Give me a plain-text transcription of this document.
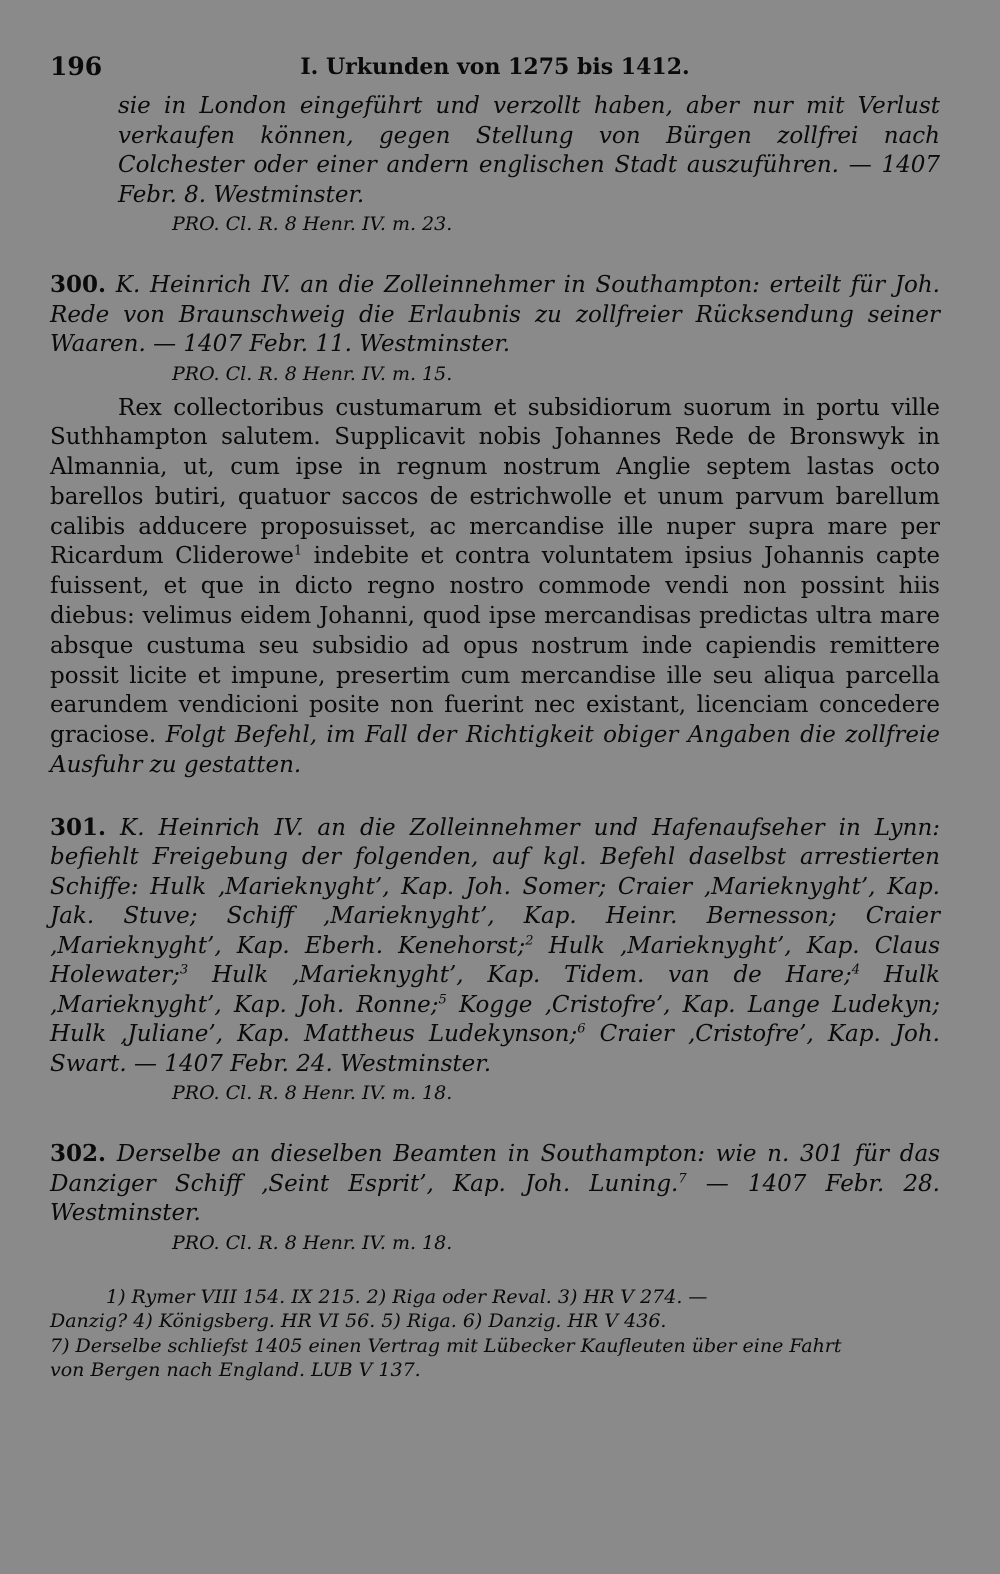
196	I. Urkunden von 1275 bis 1412.
sie in London eingeführt und verzollt haben, aber nur mit Verlust verkaufen können, gegen Stellung von Bürgen zollfrei nach Colchester oder einer andern englischen Stadt auszuführen. — 1407 Febr. 8. Westminster.
PRO. Cl. R. 8 Henr. IV. m. 23.
300. K. Heinrich IV. an die Zolleinnehmer in Southampton: erteilt für Joh. Rede von Braunschweig die Erlaubnis zu zollfreier Rücksendung seiner Waaren. — 1407 Febr. 11. Westminster.
PRO. Cl. R. 8 Henr. IV. m. 15.
Rex collectoribus custumarum et subsidiorum suorum in portu ville Suthhampton salutem. Supplicavit nobis Johannes Rede de Bronswyk in Almannia, ut, cum ipse in regnum nostrum Anglie septem lastas octo barellos butiri, quatuor saccos de estrichwolle et unum parvum barellum calibis adducere proposuisset, ac mercandise ille nuper supra mare per Ricardum Cliderowe$^1$ indebite et contra voluntatem ipsius Johannis capte fuissent, et que in dicto regno nostro commode vendi non possint hiis diebus: velimus eidem Johanni, quod ipse mercandisas predictas ultra mare absque custuma seu subsidio ad opus nostrum inde capiendis remittere possit licite et impune, presertim cum mercandise ille seu aliqua parcella earundem vendicioni posite non fuerint nec existant, licenciam concedere graciose. Folgt Befehl, im Fall der Richtigkeit obiger Angaben die zollfreie Ausfuhr zu gestatten.
301. K. Heinrich IV. an die Zolleinnehmer und Hafenaufseher in Lynn: befiehlt Freigebung der folgenden, auf kgl. Befehl daselbst arrestierten Schiffe: Hulk ‚Marieknyght’, Kap. Joh. Somer; Craier ‚Marieknyght’, Kap. Jak. Stuve; Schiff ‚Marieknyght’, Kap. Heinr. Bernesson; Craier ‚Marieknyght’, Kap. Eberh. Kenehorst;$^2$ Hulk ‚Marieknyght’, Kap. Claus Holewater;$^3$ Hulk ‚Marieknyght’, Kap. Tidem. van de Hare;$^4$ Hulk ‚Marieknyght’, Kap. Joh. Ronne;$^5$ Kogge ‚Cristofre’, Kap. Lange Ludekyn; Hulk ‚Juliane’, Kap. Mattheus Ludekynson;$^6$ Craier ‚Cristofre’, Kap. Joh. Swart. — 1407 Febr. 24. Westminster.
PRO. Cl. R. 8 Henr. IV. m. 18.
302. Derselbe an dieselben Beamten in Southampton: wie n. 301 für das Danziger Schiff ‚Seint Esprit’, Kap. Joh. Luning.$^7$ — 1407 Febr. 28. Westminster.
PRO. Cl. R. 8 Henr. IV. m. 18.

1) Rymer VIII 154. IX 215. 2) Riga oder Reval. 3) HR V 274. —

Danzig? 4) Königsberg. HR VI 56. 5) Riga. 6) Danzig. HR V 436.

7) Derselbe schliefst 1405 einen Vertrag mit Lübecker Kaufleuten über eine Fahrt

von Bergen nach England. LUB V 137.
